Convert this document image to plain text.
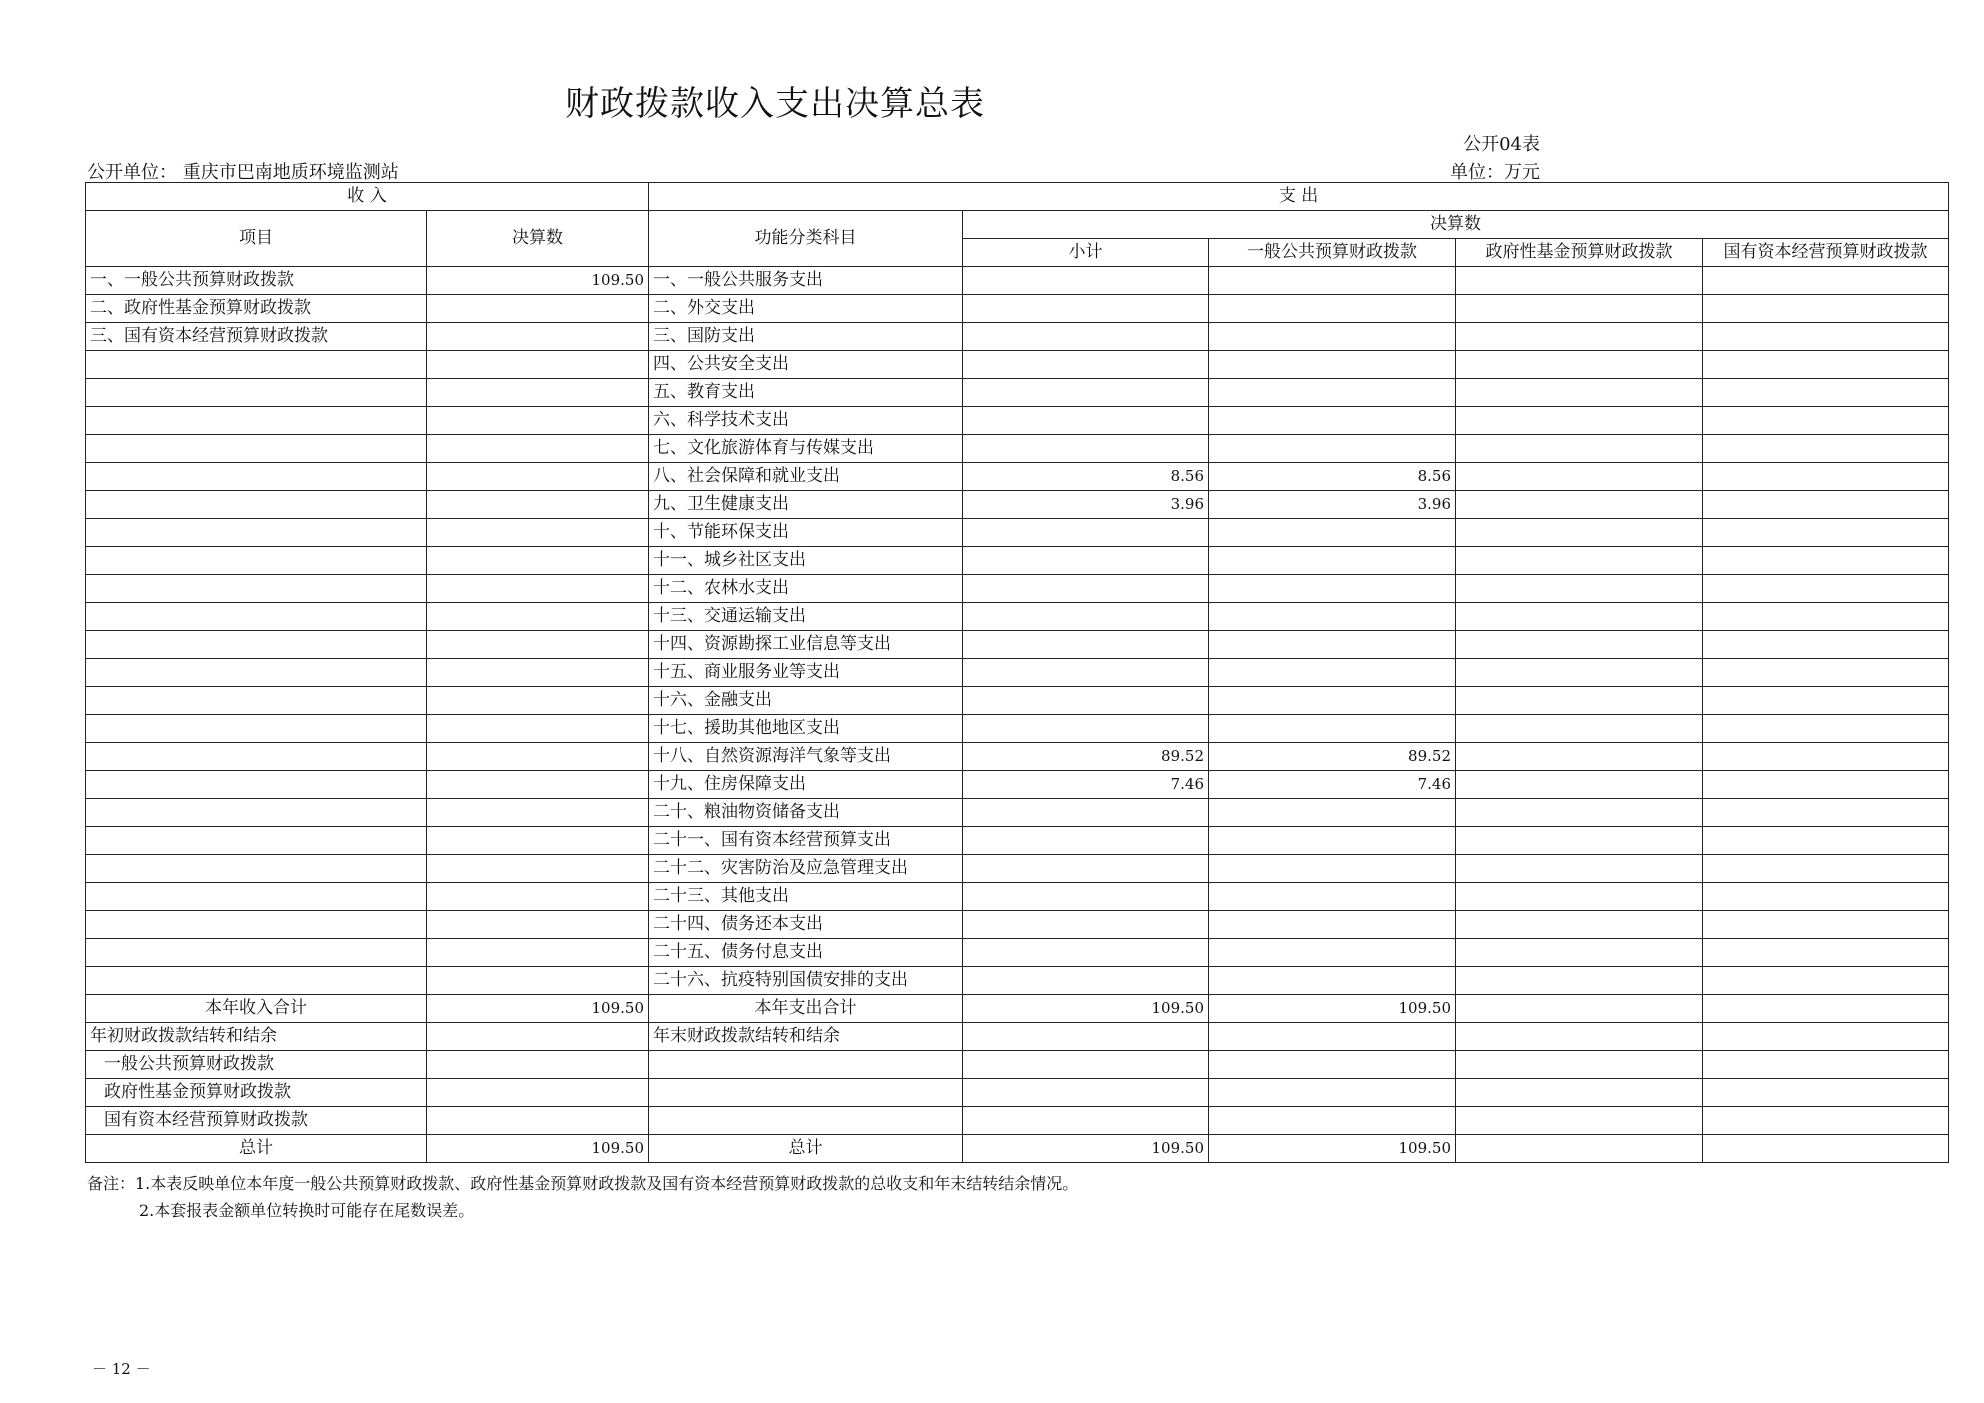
财政拨款收入支出决算总表
公开04表
公开单位： 重庆市巴南地质环境监测站	单位：万元
收 入		支 出				
项目	决算数	功能分类科目	决算数			
			小计	一般公共预算财政拨款	政府性基金预算财政拨款	国有资本经营预算财政拨款
一、一般公共预算财政拨款	109.50	一、一般公共服务支出				
二、政府性基金预算财政拨款		二、外交支出				
三、国有资本经营预算财政拨款		三、国防支出				
		四、公共安全支出				
		五、教育支出				
		六、科学技术支出				
		七、文化旅游体育与传媒支出				
		八、社会保障和就业支出	8.56	8.56		
		九、卫生健康支出	3.96	3.96		
		十、节能环保支出				
		十一、城乡社区支出				
		十二、农林水支出				
		十三、交通运输支出				
		十四、资源勘探工业信息等支出				
		十五、商业服务业等支出				
		十六、金融支出				
		十七、援助其他地区支出				
		十八、自然资源海洋气象等支出	89.52	89.52		
		十九、住房保障支出	7.46	7.46		
		二十、粮油物资储备支出				
		二十一、国有资本经营预算支出				
		二十二、灾害防治及应急管理支出				
		二十三、其他支出				
		二十四、债务还本支出				
		二十五、债务付息支出				
		二十六、抗疫特别国债安排的支出				
本年收入合计	109.50	本年支出合计	109.50	109.50		
年初财政拨款结转和结余		年末财政拨款结转和结余				
一般公共预算财政拨款						
政府性基金预算财政拨款						
国有资本经营预算财政拨款						
总计	109.50	总计	109.50	109.50		
备注：1.本表反映单位本年度一般公共预算财政拨款、政府性基金预算财政拨款及国有资本经营预算财政拨款的总收支和年末结转结余情况。
2.本套报表金额单位转换时可能存在尾数误差。
－ 12 －
